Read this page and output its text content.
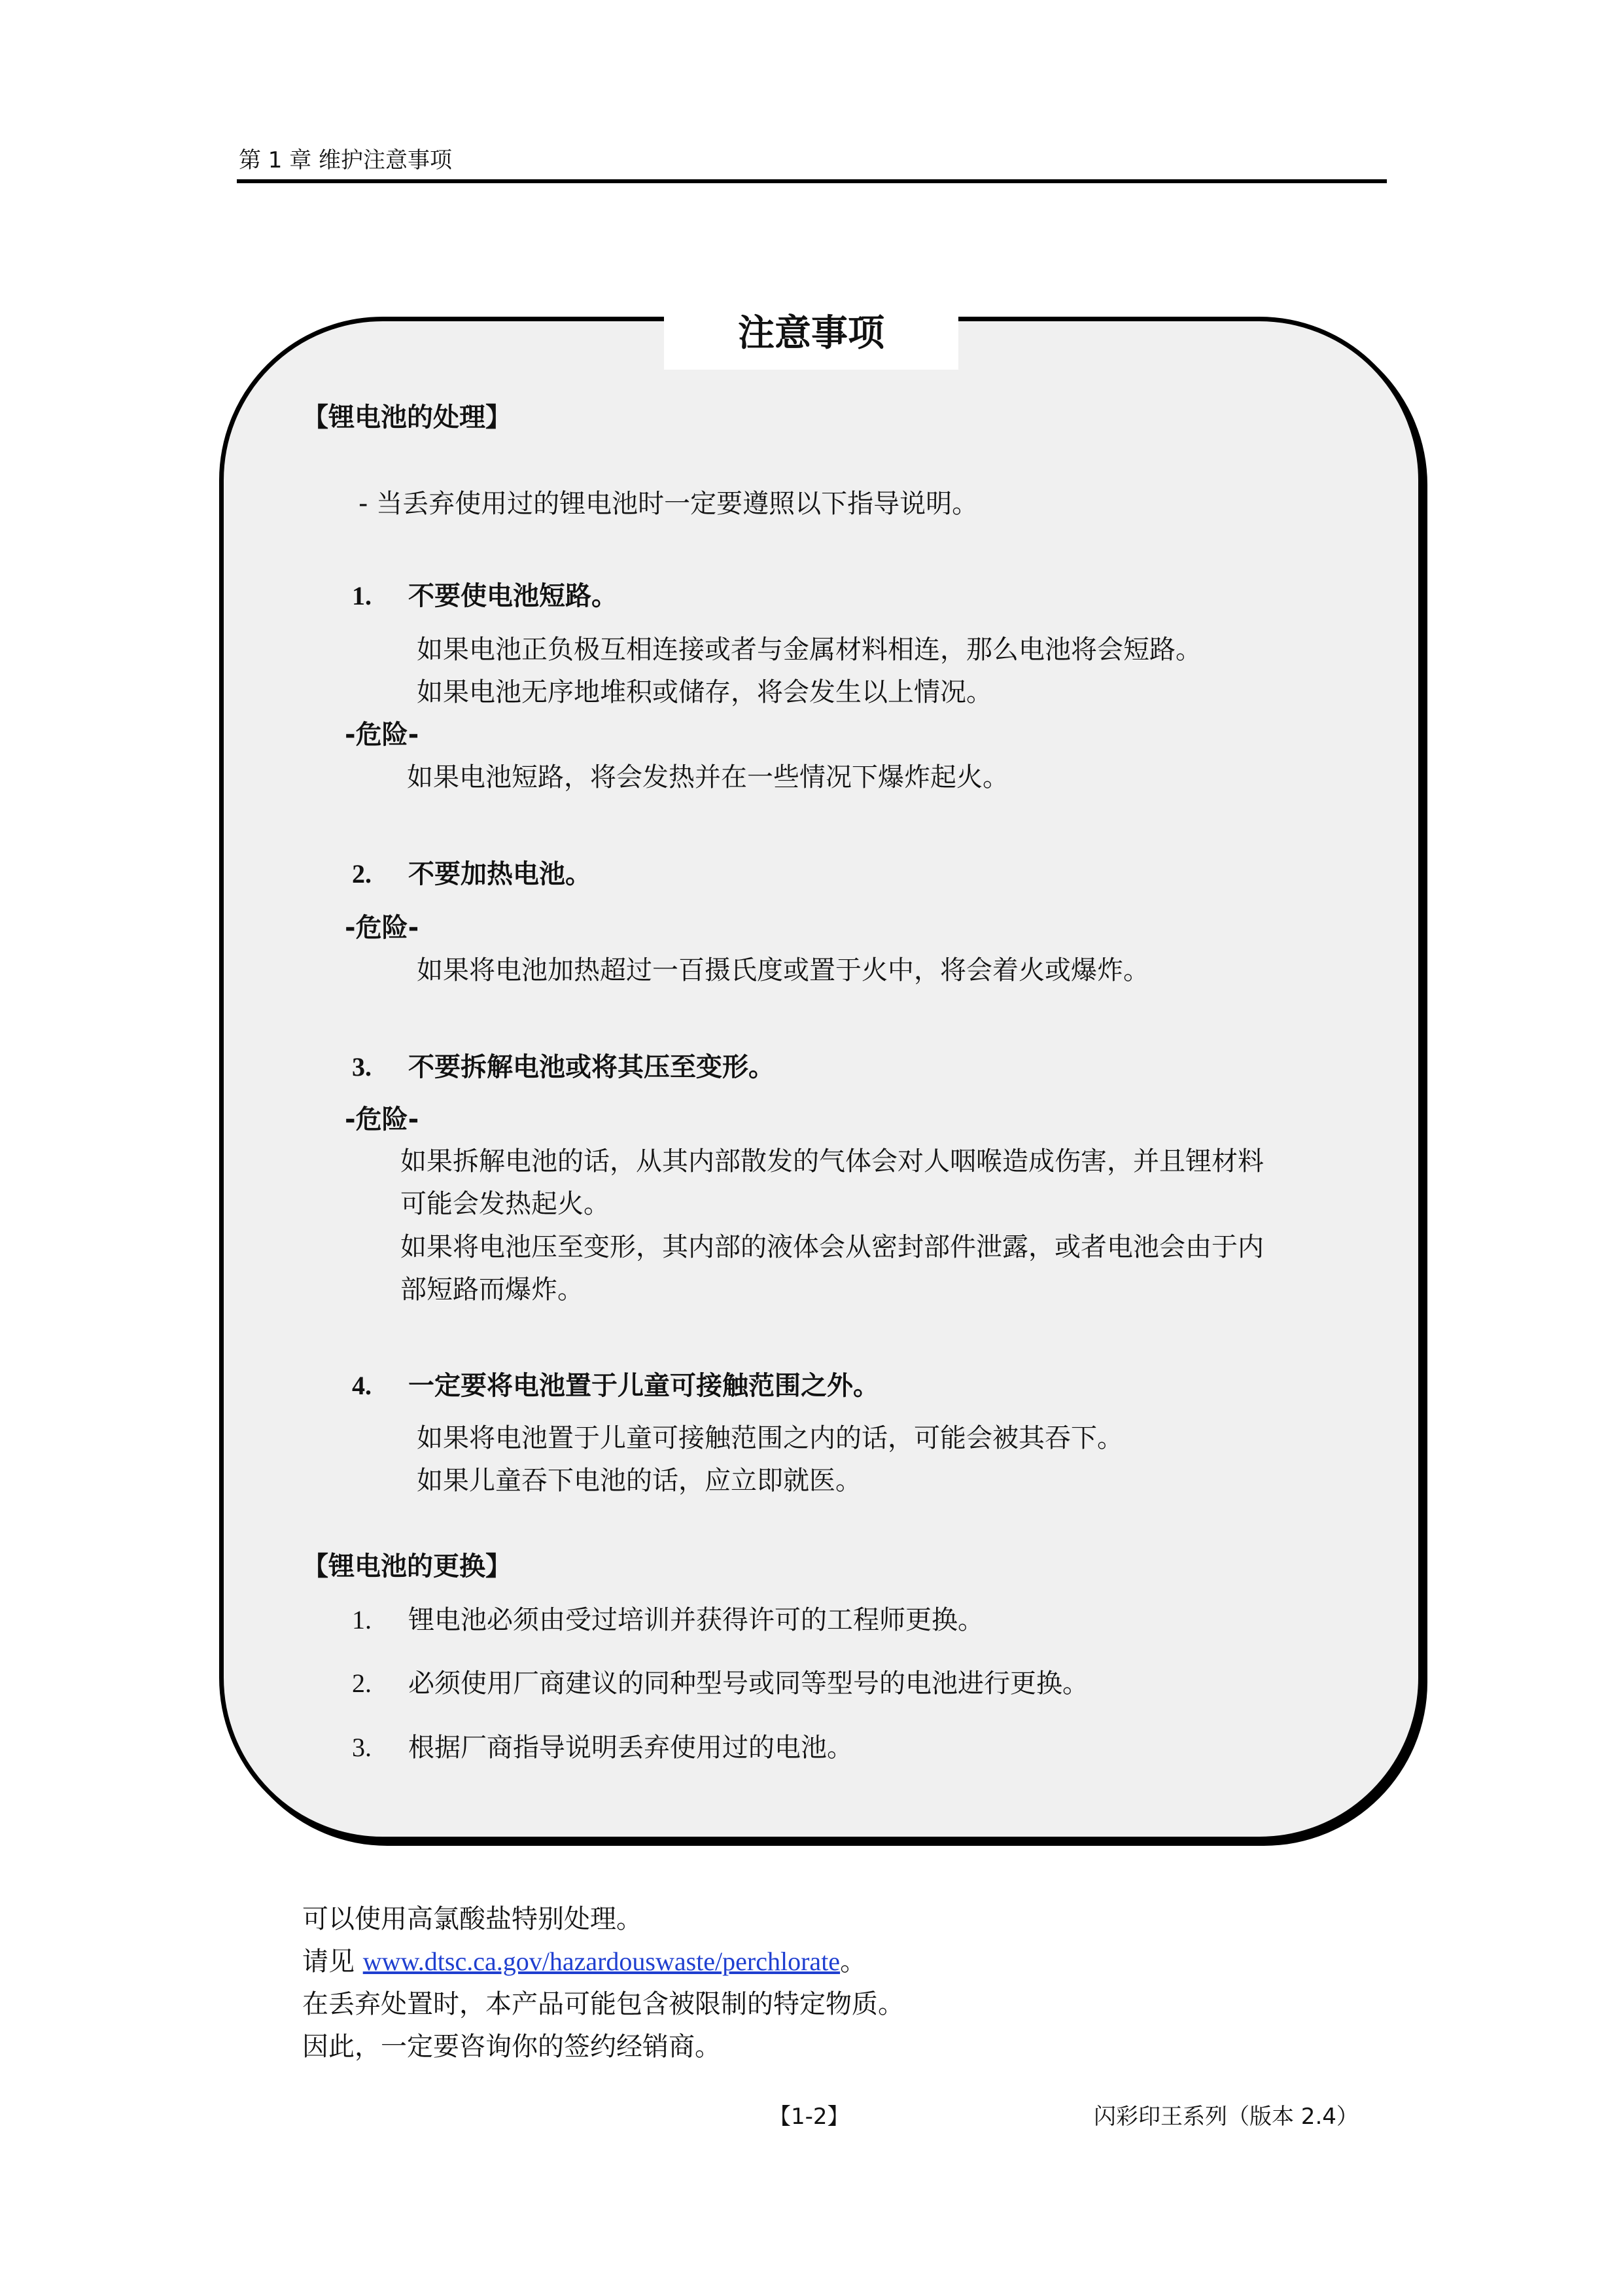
第 1 章 维护注意事项
注意事项
【锂电池的处理】
- 当丢弃使用过的锂电池时一定要遵照以下指导说明。
1. 不要使电池短路。
如果电池正负极互相连接或者与金属材料相连，那么电池将会短路。
如果电池无序地堆积或储存，将会发生以上情况。
-危险-
如果电池短路，将会发热并在一些情况下爆炸起火。
2. 不要加热电池。
-危险-
如果将电池加热超过一百摄氏度或置于火中，将会着火或爆炸。
3. 不要拆解电池或将其压至变形。
-危险-
如果拆解电池的话，从其内部散发的气体会对人咽喉造成伤害，并且锂材料
可能会发热起火。
如果将电池压至变形，其内部的液体会从密封部件泄露，或者电池会由于内
部短路而爆炸。
4. 一定要将电池置于儿童可接触范围之外。
如果将电池置于儿童可接触范围之内的话，可能会被其吞下。
如果儿童吞下电池的话，应立即就医。
【锂电池的更换】
1. 锂电池必须由受过培训并获得许可的工程师更换。
2. 必须使用厂商建议的同种型号或同等型号的电池进行更换。
3. 根据厂商指导说明丢弃使用过的电池。
可以使用高氯酸盐特别处理。
请见 www.dtsc.ca.gov/hazardouswaste/perchlorate。
在丢弃处置时，本产品可能包含被限制的特定物质。
因此，一定要咨询你的签约经销商。
【1-2】	闪彩印王系列（版本 2.4）
